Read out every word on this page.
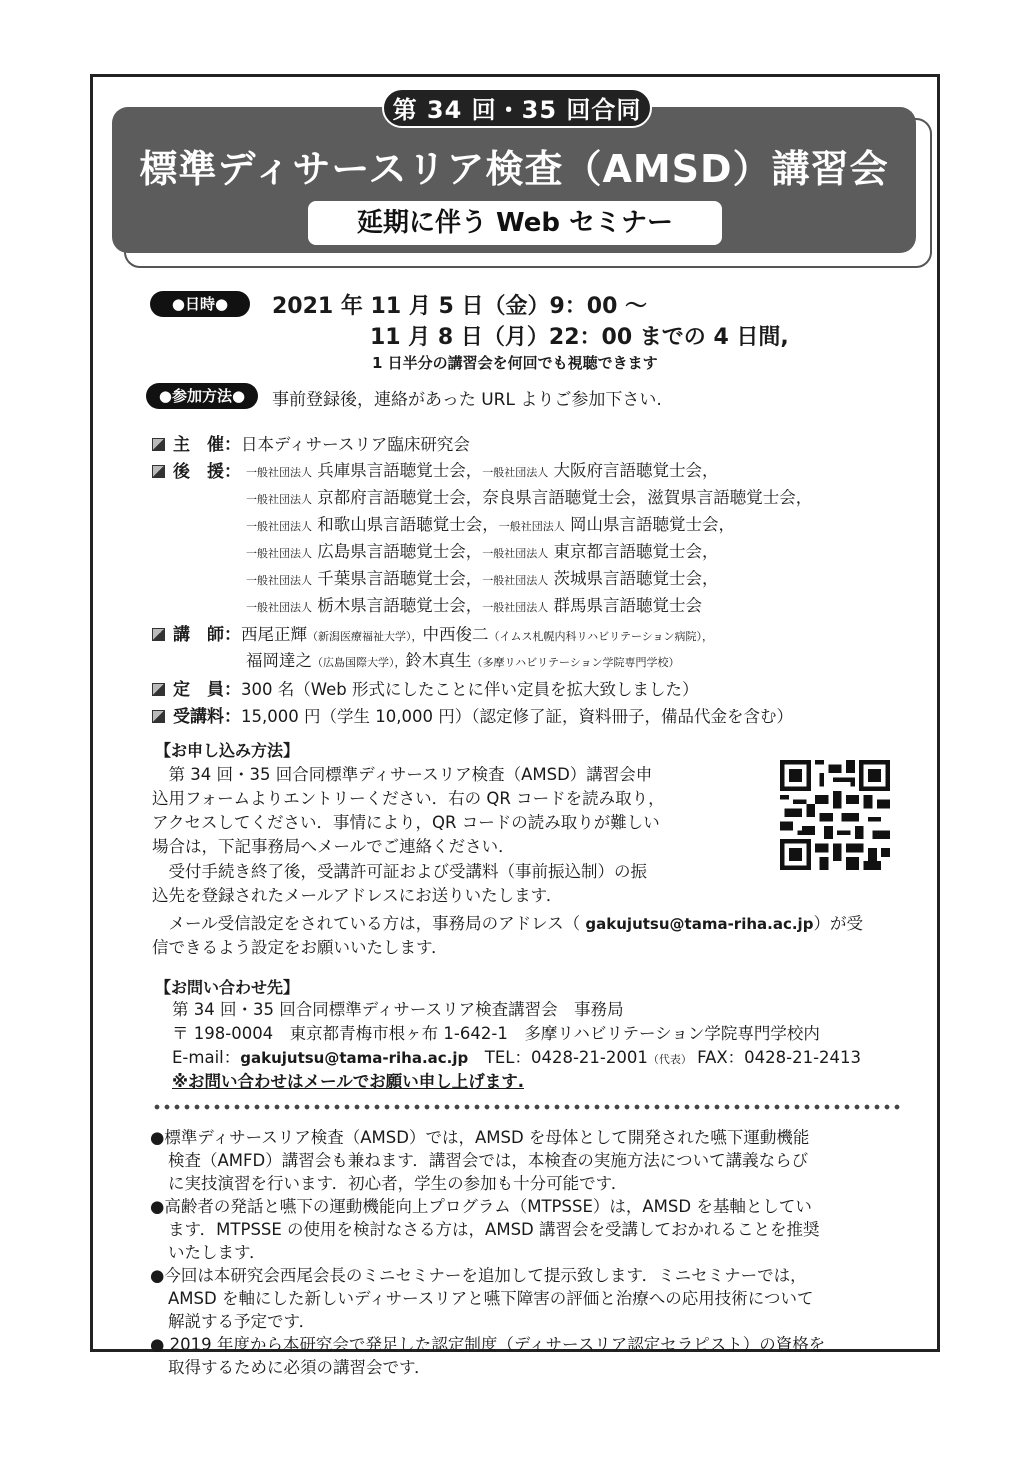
第 34 回・35 回合同
標準ディサースリア検査（AMSD）講習会
延期に伴う Web セミナー
●日時●	2021 年 11 月 5 日（金）9：00 ～
11 月 8 日（月）22：00 までの 4 日間,
1 日半分の講習会を何回でも視聴できます
●参加方法●	事前登録後，連絡があった URL よりご参加下さい.
主　催：日本ディサースリア臨床研究会
後　援： 一般社団法人 兵庫県言語聴覚士会，一般社団法人 大阪府言語聴覚士会，
一般社団法人 京都府言語聴覚士会，奈良県言語聴覚士会，滋賀県言語聴覚士会，
一般社団法人 和歌山県言語聴覚士会，一般社団法人 岡山県言語聴覚士会，
一般社団法人 広島県言語聴覚士会，一般社団法人 東京都言語聴覚士会，
一般社団法人 千葉県言語聴覚士会，一般社団法人 茨城県言語聴覚士会，
一般社団法人 栃木県言語聴覚士会，一般社団法人 群馬県言語聴覚士会
講　師：西尾正輝（新潟医療福祉大学），中西俊二（イムス札幌内科リハビリテーション病院），
福岡達之（広島国際大学），鈴木真生（多摩リハビリテーション学院専門学校）
定　員：300 名（Web 形式にしたことに伴い定員を拡大致しました）
受講料：15,000 円（学生 10,000 円）（認定修了証，資料冊子，備品代金を含む）
【お申し込み方法】
　第 34 回・35 回合同標準ディサースリア検査（AMSD）講習会申
込用フォームよりエントリーください．右の QR コードを読み取り，
アクセスしてください．事情により，QR コードの読み取りが難しい
場合は，下記事務局へメールでご連絡ください．
　受付手続き終了後，受講許可証および受講料（事前振込制）の振
込先を登録されたメールアドレスにお送りいたします．
　メール受信設定をされている方は，事務局のアドレス（ gakujutsu@tama-riha.ac.jp）が受
信できるよう設定をお願いいたします．
【お問い合わせ先】
第 34 回・35 回合同標準ディサースリア検査講習会　事務局
〒 198-0004　東京都青梅市根ヶ布 1-642-1　多摩リハビリテーション学院専門学校内
E-mail：gakujutsu@tama-riha.ac.jp　 TEL：0428-21-2001（代表） FAX：0428-21-2413
※お問い合わせはメールでお願い申し上げます.
●標準ディサースリア検査（AMSD）では，AMSD を母体として開発された嚥下運動機能
検査（AMFD）講習会も兼ねます．講習会では，本検査の実施方法について講義ならび
に実技演習を行います．初心者，学生の参加も十分可能です．
●高齢者の発話と嚥下の運動機能向上プログラム（MTPSSE）は，AMSD を基軸としてい
ます．MTPSSE の使用を検討なさる方は，AMSD 講習会を受講しておかれることを推奨
いたします．
●今回は本研究会西尾会長のミニセミナーを追加して提示致します．ミニセミナーでは，
AMSD を軸にした新しいディサースリアと嚥下障害の評価と治療への応用技術について
解説する予定です．
● 2019 年度から本研究会で発足した認定制度（ディサースリア認定セラピスト）の資格を
取得するために必須の講習会です．
